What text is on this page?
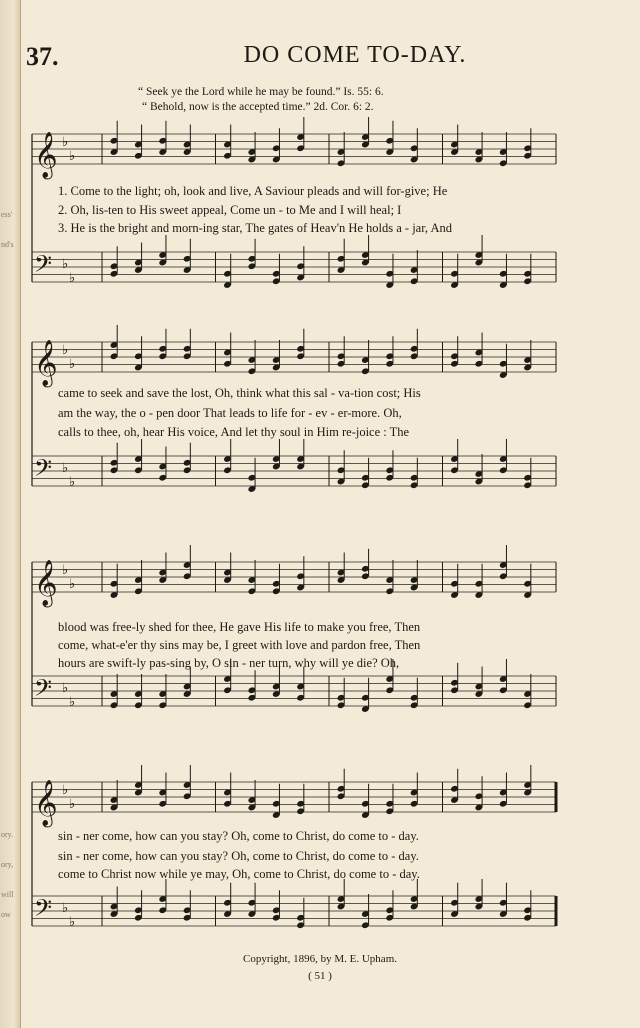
ess'
nd's
ory.
ory,
will
ow
37.	DO COME TO-DAY.
“ Seek ye the Lord while he may be found.” Is. 55: 6.
“ Behold, now is the accepted time.” 2d. Cor. 6: 2.
𝄞 ♭
♭
𝄢 ♭
♭
1. Come to the light; oh, look and live, A Saviour pleads and will for-give; He
2. Oh, lis-ten to His sweet appeal, Come un - to Me and I will heal; I
3. He is the bright and morn-ing star, The gates of Heav'n He holds a - jar, And
𝄞 ♭
♭
𝄢 ♭
♭
came to seek and save the lost, Oh, think what this sal - va-tion cost; His
am the way, the o - pen door That leads to life for - ev - er-more. Oh,
calls to thee, oh, hear His voice, And let thy soul in Him re-joice : The
𝄞 ♭
♭
𝄢 ♭
♭
blood was free-ly shed for thee, He gave His life to make you free, Then
come, what-e'er thy sins may be, I greet with love and pardon free, Then
hours are swift-ly pas-sing by, O sin - ner turn, why will ye die? Oh,
𝄞 ♭
♭
𝄢 ♭
♭
sin - ner come, how can you stay? Oh, come to Christ, do come to - day.
sin - ner come, how can you stay? Oh, come to Christ, do come to - day.
come to Christ now while ye may, Oh, come to Christ, do come to - day.
Copyright, 1896, by M. E. Upham.
( 51 )
